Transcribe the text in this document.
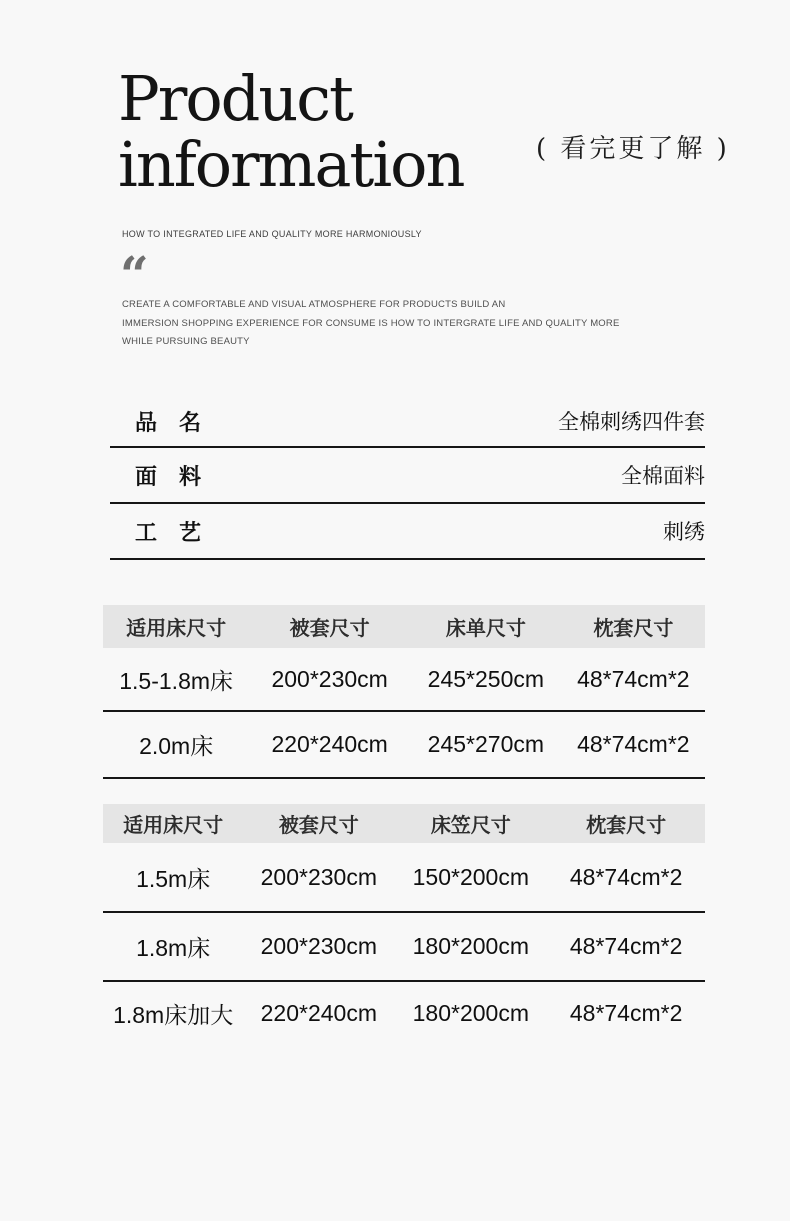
Product
information	( 看完更了解 )
HOW TO INTEGRATED LIFE AND QUALITY MORE HARMONIOUSLY
“
CREATE A COMFORTABLE AND VISUAL ATMOSPHERE FOR PRODUCTS BUILD AN
IMMERSION SHOPPING EXPERIENCE FOR CONSUME IS HOW TO INTERGRATE LIFE AND QUALITY MORE
WHILE PURSUING BEAUTY
品　名	全棉刺绣四件套
面　料	全棉面料
工　艺	刺绣
适用床尺寸	被套尺寸	床单尺寸	枕套尺寸
1.5-1.8m床	200*230cm	245*250cm	48*74cm*2
2.0m床	220*240cm	245*270cm	48*74cm*2
适用床尺寸	被套尺寸	床笠尺寸	枕套尺寸
1.5m床	200*230cm	150*200cm	48*74cm*2
1.8m床	200*230cm	180*200cm	48*74cm*2
1.8m床加大	220*240cm	180*200cm	48*74cm*2
